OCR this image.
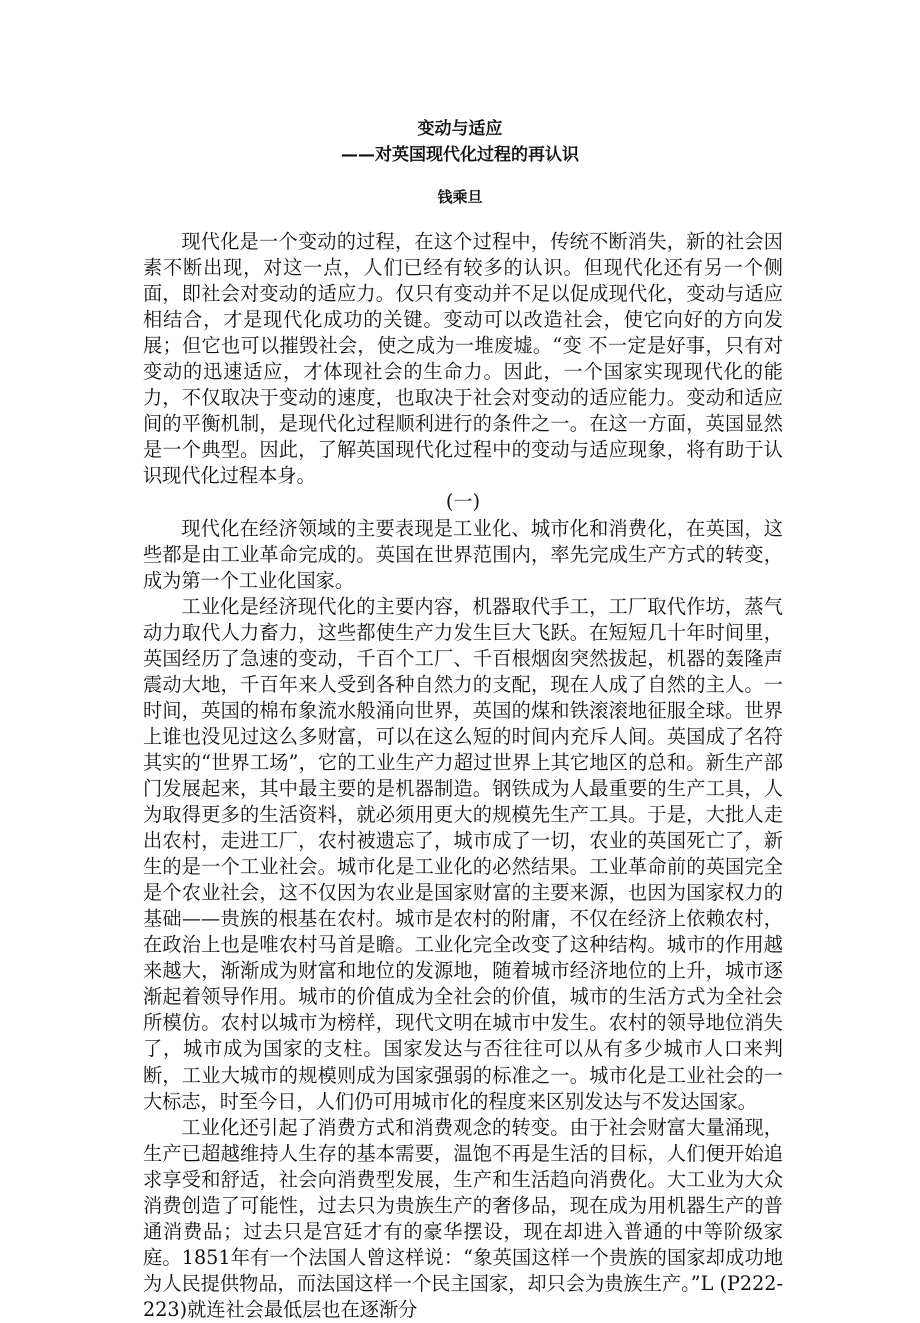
变动与适应
——对英国现代化过程的再认识
钱乘旦

现代化是一个变动的过程，在这个过程中，传统不断消失，新的社会因素不断出现，对这一点，人们已经有较多的认识。但现代化还有另一个侧面，即社会对变动的适应力。仅只有变动并不足以促成现代化，变动与适应相结合，才是现代化成功的关键。变动可以改造社会，使它向好的方向发展；但它也可以摧毁社会，使之成为一堆废墟。“变 不一定是好事，只有对变动的迅速适应，才体现社会的生命力。因此，一个国家实现现代化的能力，不仅取决于变动的速度，也取决于社会对变动的适应能力。变动和适应间的平衡机制，是现代化过程顺利进行的条件之一。在这一方面，英国显然是一个典型。因此，了解英国现代化过程中的变动与适应现象，将有助于认识现代化过程本身。

(一)

现代化在经济领域的主要表现是工业化、城市化和消费化，在英国，这些都是由工业革命完成的。英国在世界范围内，率先完成生产方式的转变，成为第一个工业化国家。

工业化是经济现代化的主要内容，机器取代手工，工厂取代作坊，蒸气动力取代人力畜力，这些都使生产力发生巨大飞跃。在短短几十年时间里，英国经历了急速的变动，千百个工厂、千百根烟囱突然拔起，机器的轰隆声震动大地，千百年来人受到各种自然力的支配，现在人成了自然的主人。一时间，英国的棉布象流水般涌向世界，英国的煤和铁滚滚地征服全球。世界上谁也没见过这么多财富，可以在这么短的时间内充斥人间。英国成了名符其实的“世界工场”，它的工业生产力超过世界上其它地区的总和。新生产部门发展起来，其中最主要的是机器制造。钢铁成为人最重要的生产工具，人为取得更多的生活资料，就必须用更大的规模先生产工具。于是，大批人走出农村，走进工厂，农村被遗忘了，城市成了一切，农业的英国死亡了，新生的是一个工业社会。城市化是工业化的必然结果。工业革命前的英国完全是个农业社会，这不仅因为农业是国家财富的主要来源，也因为国家权力的基础——贵族的根基在农村。城市是农村的附庸，不仅在经济上依赖农村，在政治上也是唯农村马首是瞻。工业化完全改变了这种结构。城市的作用越来越大，渐渐成为财富和地位的发源地，随着城市经济地位的上升，城市逐渐起着领导作用。城市的价值成为全社会的价值，城市的生活方式为全社会所模仿。农村以城市为榜样，现代文明在城市中发生。农村的领导地位消失了，城市成为国家的支柱。国家发达与否往往可以从有多少城市人口来判断，工业大城市的规模则成为国家强弱的标准之一。城市化是工业社会的一大标志，时至今日，人们仍可用城市化的程度来区别发达与不发达国家。

工业化还引起了消费方式和消费观念的转变。由于社会财富大量涌现，生产已超越维持人生存的基本需要，温饱不再是生活的目标，人们便开始追求享受和舒适，社会向消费型发展，生产和生活趋向消费化。大工业为大众消费创造了可能性，过去只为贵族生产的奢侈品，现在成为用机器生产的普通消费品；过去只是宫廷才有的豪华摆设，现在却进入普通的中等阶级家庭。1851年有一个法国人曾这样说：“象英国这样一个贵族的国家却成功地为人民提供物品，而法国这样一个民主国家，却只会为贵族生产。”L (P222-223)就连社会最低层也在逐渐分
